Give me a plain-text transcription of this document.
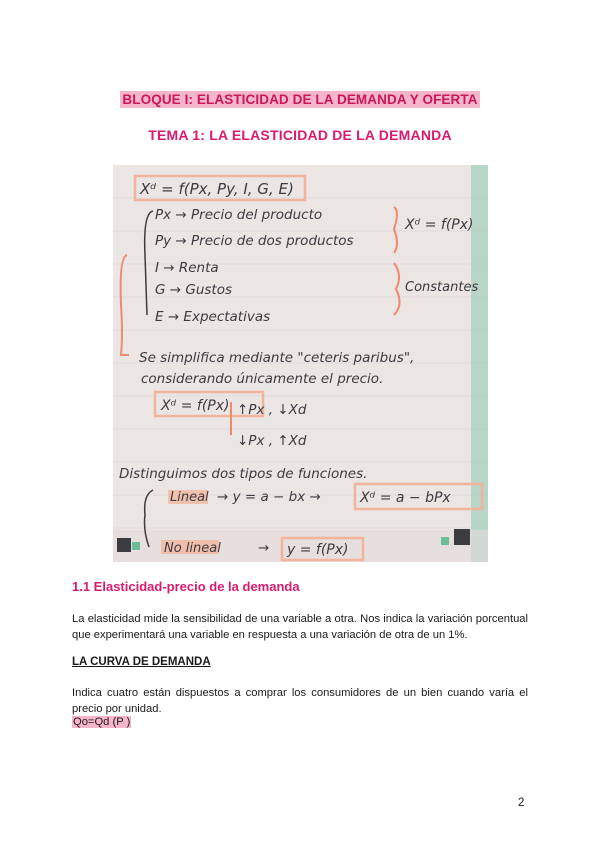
BLOQUE I: ELASTICIDAD DE LA DEMANDA Y OFERTA
TEMA 1: LA ELASTICIDAD DE LA DEMANDA
Xᵈ = f(Px, Py, I, G, E)
Px → Precio del producto
Py → Precio de dos productos
I → Renta
G → Gustos
E → Expectativas
Xᵈ = f(Px)
Constantes
Se simplifica mediante "ceteris paribus",
considerando únicamente el precio.
Xᵈ = f(Px) ↑Px , ↓Xd
↓Px , ↑Xd
Distinguimos dos tipos de funciones.
Lineal → y = a − bx →	Xᵈ = a − bPx
No lineal	→ y = f(Px)
1.1 Elasticidad-precio de la demanda
La elasticidad mide la sensibilidad de una variable a otra. Nos indica la variación porcentual que experimentará una variable en respuesta a una variación de otra de un 1%.
LA CURVA DE DEMANDA
Indica cuatro están dispuestos a comprar los consumidores de un bien cuando varía el precio por unidad.
Qo=Qd (P )
2
